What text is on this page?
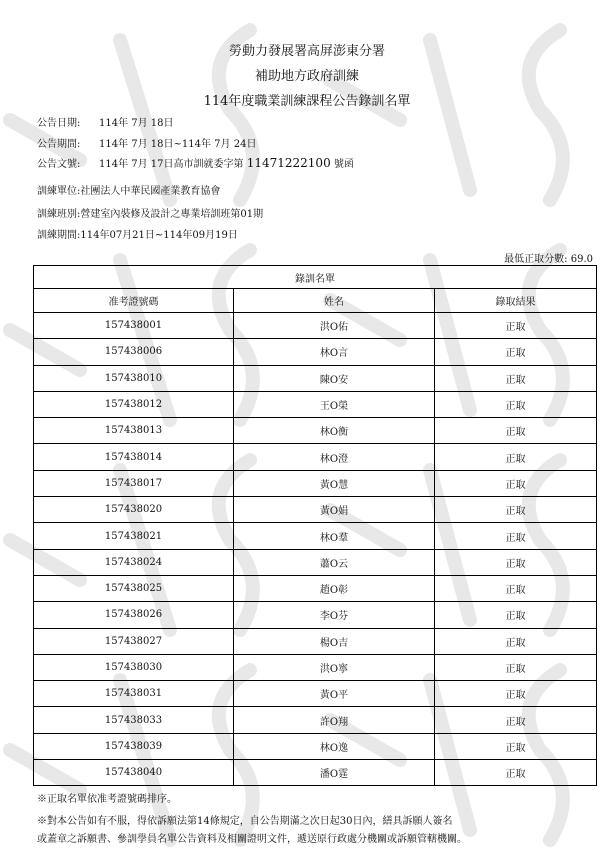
勞動力發展署高屏澎東分署
補助地方政府訓練
114年度職業訓練課程公告錄訓名單
公告日期: 114年 7月 18日
公告期間: 114年 7月 18日~114年 7月 24日
公告文號: 114年 7月 17日高市訓就委字第 11471222100 號函
訓練單位:社團法人中華民國產業教育協會
訓練班別:營建室內裝修及設計之專業培訓班第01期
訓練期間:114年07月21日~114年09月19日
最低正取分數: 69.0
錄訓名單		
准考證號碼	姓名	錄取結果
157438001	洪O佑	正取
157438006	林O言	正取
157438010	陳O安	正取
157438012	王O榮	正取
157438013	林O衡	正取
157438014	林O澄	正取
157438017	黃O慧	正取
157438020	黃O娟	正取
157438021	林O羣	正取
157438024	蕭O云	正取
157438025	趙O彰	正取
157438026	李O芬	正取
157438027	楊O吉	正取
157438030	洪O寧	正取
157438031	黃O平	正取
157438033	許O翔	正取
157438039	林O逸	正取
157438040	潘O霆	正取
※正取名單依准考證號碼排序。
※對本公告如有不服，得依訴願法第14條規定，自公告期滿之次日起30日內，繕具訴願人簽名
或蓋章之訴願書、參訓學員名單公告資料及相關證明文件，遞送原行政處分機關或訴願管轄機關。
